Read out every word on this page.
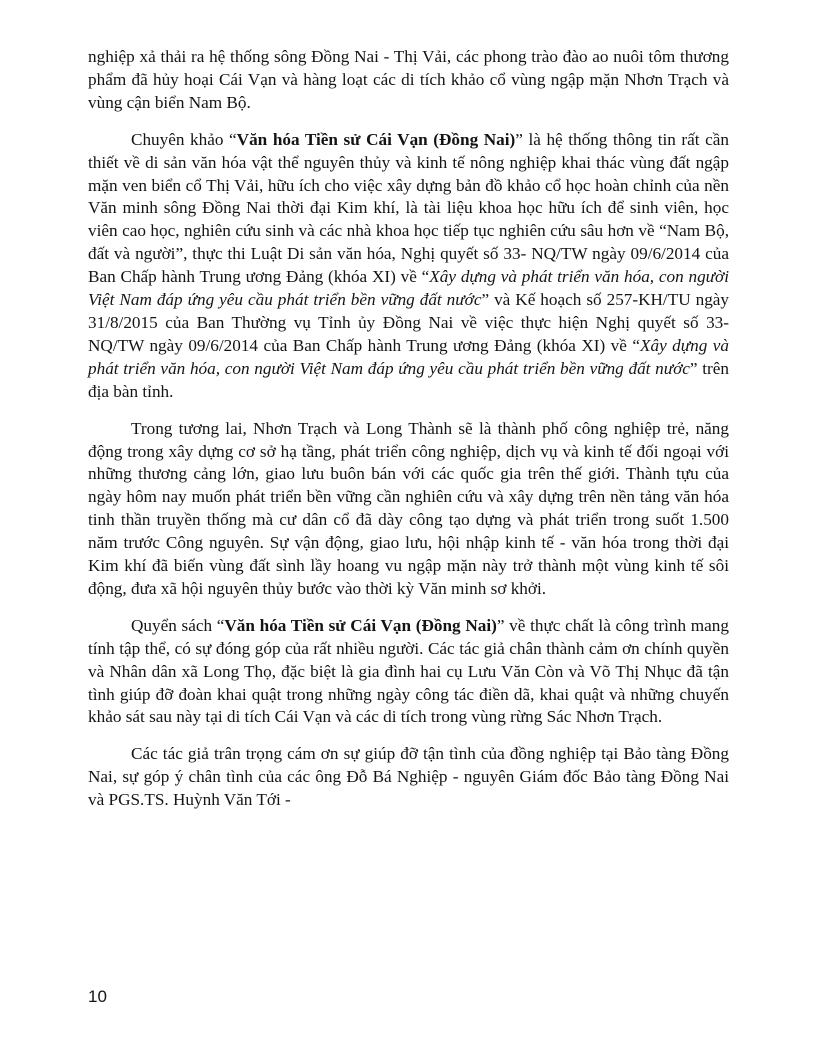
nghiệp xả thải ra hệ thống sông Đồng Nai - Thị Vải, các phong trào đào ao nuôi tôm thương phẩm đã hủy hoại Cái Vạn và hàng loạt các di tích khảo cổ vùng ngập mặn Nhơn Trạch và vùng cận biển Nam Bộ.

Chuyên khảo “Văn hóa Tiền sử Cái Vạn (Đồng Nai)” là hệ thống thông tin rất cần thiết về di sản văn hóa vật thể nguyên thủy và kinh tế nông nghiệp khai thác vùng đất ngập mặn ven biển cổ Thị Vải, hữu ích cho việc xây dựng bản đồ khảo cổ học hoàn chỉnh của nền Văn minh sông Đồng Nai thời đại Kim khí, là tài liệu khoa học hữu ích để sinh viên, học viên cao học, nghiên cứu sinh và các nhà khoa học tiếp tục nghiên cứu sâu hơn về “Nam Bộ, đất và người”, thực thi Luật Di sản văn hóa, Nghị quyết số 33- NQ/TW ngày 09/6/2014 của Ban Chấp hành Trung ương Đảng (khóa XI) về “Xây dựng và phát triển văn hóa, con người Việt Nam đáp ứng yêu cầu phát triển bền vững đất nước” và Kế hoạch số 257-KH/TU ngày 31/8/2015 của Ban Thường vụ Tỉnh ủy Đồng Nai về việc thực hiện Nghị quyết số 33-NQ/TW ngày 09/6/2014 của Ban Chấp hành Trung ương Đảng (khóa XI) về “Xây dựng và phát triển văn hóa, con người Việt Nam đáp ứng yêu cầu phát triển bền vững đất nước” trên địa bàn tỉnh.

Trong tương lai, Nhơn Trạch và Long Thành sẽ là thành phố công nghiệp trẻ, năng động trong xây dựng cơ sở hạ tầng, phát triển công nghiệp, dịch vụ và kinh tế đối ngoại với những thương cảng lớn, giao lưu buôn bán với các quốc gia trên thế giới. Thành tựu của ngày hôm nay muốn phát triển bền vững cần nghiên cứu và xây dựng trên nền tảng văn hóa tinh thần truyền thống mà cư dân cổ đã dày công tạo dựng và phát triển trong suốt 1.500 năm trước Công nguyên. Sự vận động, giao lưu, hội nhập kinh tế - văn hóa trong thời đại Kim khí đã biến vùng đất sình lầy hoang vu ngập mặn này trở thành một vùng kinh tế sôi động, đưa xã hội nguyên thủy bước vào thời kỳ Văn minh sơ khởi.

Quyển sách “Văn hóa Tiền sử Cái Vạn (Đồng Nai)” về thực chất là công trình mang tính tập thể, có sự đóng góp của rất nhiều người. Các tác giả chân thành cảm ơn chính quyền và Nhân dân xã Long Thọ, đặc biệt là gia đình hai cụ Lưu Văn Còn và Võ Thị Nhục đã tận tình giúp đỡ đoàn khai quật trong những ngày công tác điền dã, khai quật và những chuyến khảo sát sau này tại di tích Cái Vạn và các di tích trong vùng rừng Sác Nhơn Trạch.

Các tác giả trân trọng cám ơn sự giúp đỡ tận tình của đồng nghiệp tại Bảo tàng Đồng Nai, sự góp ý chân tình của các ông Đỗ Bá Nghiệp - nguyên Giám đốc Bảo tàng Đồng Nai và PGS.TS. Huỳnh Văn Tới -

10
